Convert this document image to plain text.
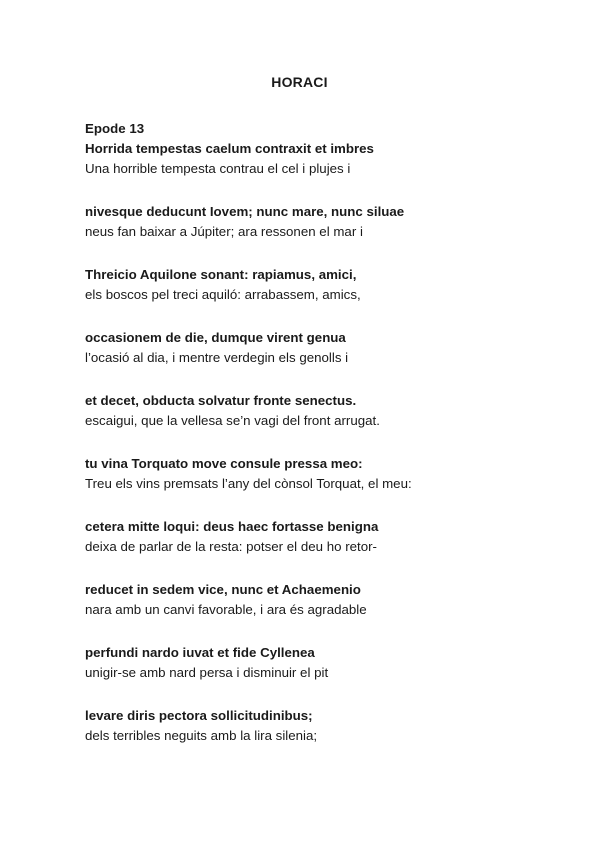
HORACI
Epode 13
Horrida tempestas caelum contraxit et imbres
Una horrible tempesta contrau el cel i plujes i
nivesque deducunt Iovem; nunc mare, nunc siluae
neus fan baixar a Júpiter; ara ressonen el mar i
Threicio Aquilone sonant: rapiamus, amici,
els boscos pel treci aquiló: arrabassem, amics,
occasionem de die, dumque virent genua
l’ocasió al dia, i mentre verdegin els genolls i
et decet, obducta solvatur fronte senectus.
escaigui, que la vellesa se’n vagi del front arrugat.
tu vina Torquato move consule pressa meo:
Treu els vins premsats l’any del cònsol Torquat, el meu:
cetera mitte loqui: deus haec fortasse benigna
deixa de parlar de la resta: potser el deu ho retor-
reducet in sedem vice, nunc et Achaemenio
nara amb un canvi favorable, i ara és agradable
perfundi nardo iuvat et fide Cyllenea
unigir-se amb nard persa i disminuir el pit
levare diris pectora sollicitudinibus;
dels terribles neguits amb la lira silenia;
